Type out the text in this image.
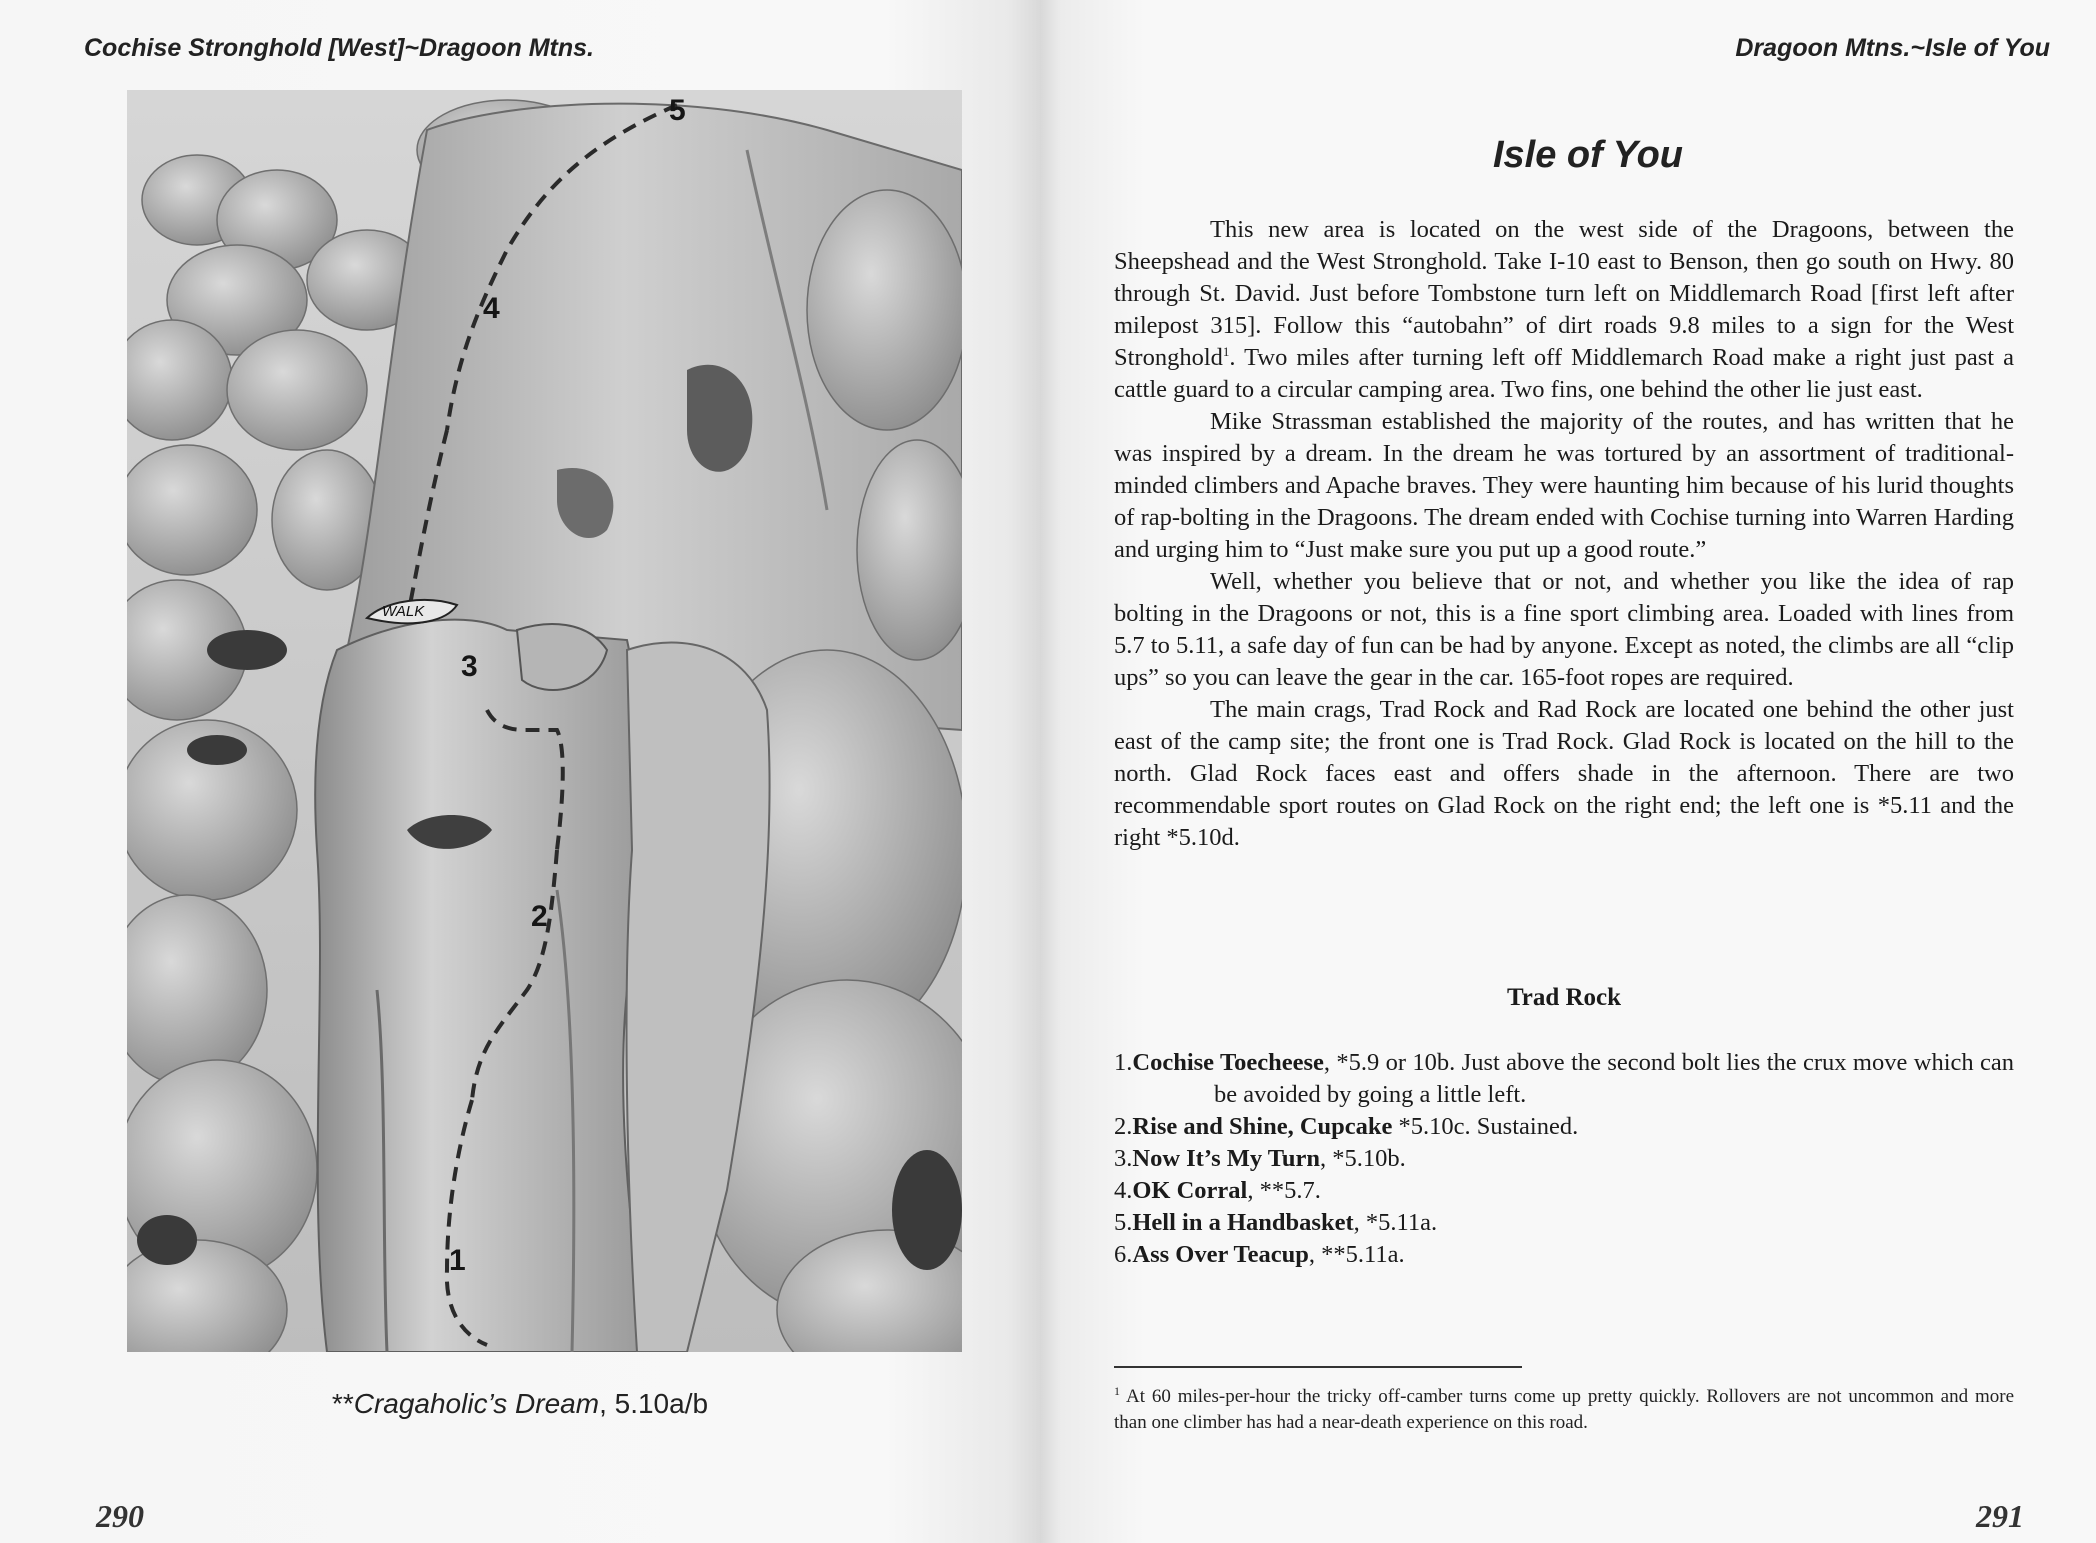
Cochise Stronghold [West]~Dragoon Mtns.
WALK
5
4
3
2
1
**Cragaholic’s Dream, 5.10a/b
290
Dragoon Mtns.~Isle of You
Isle of You

This new area is located on the west side of the Dragoons, between the Sheepshead and the West Stronghold. Take I-10 east to Benson, then go south on Hwy. 80 through St. David. Just before Tombstone turn left on Middlemarch Road [first left after milepost 315]. Follow this “autobahn” of dirt roads 9.8 miles to a sign for the West Stronghold$^1$. Two miles after turning left off Middlemarch Road make a right just past a cattle guard to a circular camping area. Two fins, one behind the other lie just east.

Mike Strassman established the majority of the routes, and has written that he was inspired by a dream. In the dream he was tortured by an assortment of traditional-minded climbers and Apache braves. They were haunting him because of his lurid thoughts of rap-bolting in the Dragoons. The dream ended with Cochise turning into Warren Harding and urging him to “Just make sure you put up a good route.”

Well, whether you believe that or not, and whether you like the idea of rap bolting in the Dragoons or not, this is a fine sport climbing area. Loaded with lines from 5.7 to 5.11, a safe day of fun can be had by anyone. Except as noted, the climbs are all “clip ups” so you can leave the gear in the car. 165-foot ropes are required.

The main crags, Trad Rock and Rad Rock are located one behind the other just east of the camp site; the front one is Trad Rock. Glad Rock is located on the hill to the north. Glad Rock faces east and offers shade in the afternoon. There are two recommendable sport routes on Glad Rock on the right end; the left one is *5.11 and the right *5.10d.

Trad Rock
1.Cochise Toecheese, *5.9 or 10b. Just above the second bolt lies the crux move which can be avoided by going a little left.
2.Rise and Shine, Cupcake *5.10c. Sustained.
3.Now It’s My Turn, *5.10b.
4.OK Corral, **5.7.
5.Hell in a Handbasket, *5.11a.
6.Ass Over Teacup, **5.11a.
$^1$ At 60 miles-per-hour the tricky off-camber turns come up pretty quickly. Rollovers are not uncommon and more than one climber has had a near-death experience on this road.
291
